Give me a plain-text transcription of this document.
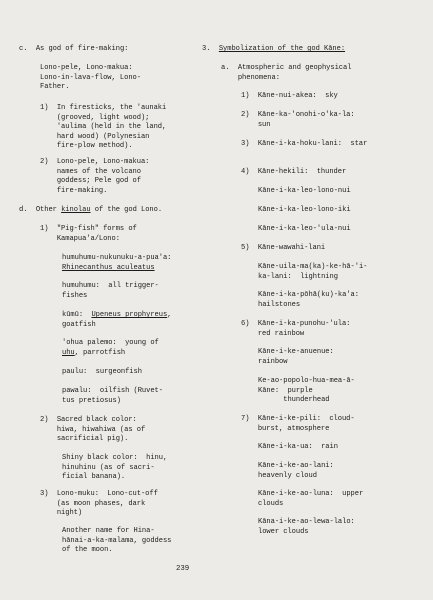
c.  As god of fire-making:
Lono-pele, Lono-makua:
Lono-in-lava-flow, Lono-
Father.
1)  In firesticks, the 'aunaki
(grooved, light wood);
'aulima (held in the land,
hard wood) (Polynesian
fire-plow method).
2)  Lono-pele, Lono-makua:
names of the volcano
goddess; Pele god of
fire-making.
d.  Other kinolau of the god Lono.
1)  "Pig-fish" forms of
Kamapua'a/Lono:
humuhumu-nukunuku-a-pua'a:
Rhinecanthus aculeatus
humuhumu:  all trigger-
fishes
kūmū:  Upeneus prophyreus,
goatfish
'ohua palemo:  young of
uhu, parrotfish
paulu:  surgeonfish
pawalu:  oilfish (Ruvet-
tus pretiosus)
2)  Sacred black color:
hiwa, hiwahiwa (as of
sacrificial pig).
Shiny black color:  hinu,
hinuhinu (as of sacri-
ficial banana).
3)  Lono-muku:  Lono-cut-off
(as moon phases, dark
night)
Another name for Hina-
hānai-a-ka-malama, goddess
of the moon.
3.  Symbolization of the god Kāne:
a.  Atmospheric and geophysical
phenomena:
1)  Kāne-nui-akea:  sky
2)  Kāne-ka-'onohi-o'ka-la:
sun
3)  Kāne-i-ka-hoku-lani:  star
4)  Kāne-hekili:  thunder
Kāne-i-ka-leo-lono-nui
Kāne-i-ka-leo-lono-iki
Kāne-i-ka-leo-'ula-nui
5)  Kāne-wawahi-lani
Kāne-uila-ma(ka)-ke-hā-'i-
ka-lani:  lightning
Kāne-i-ka-pōhā(ku)-ka'a:
hailstones
6)  Kāne-i-ka-punohu-'ula:
red rainbow
Kāne-i-ke-anuenue:
rainbow
Ke-ao-popolo-hua-mea-ā-
Kāne:  purple
thunderhead
7)  Kāne-i-ke-pili:  cloud-
burst, atmosphere
Kāne-i-ka-ua:  rain
Kāne-i-ke-ao-lani:
heavenly cloud
Kāne-i-ke-ao-luna:  upper
clouds
Kāna-i-ke-ao-lewa-lalo:
lower clouds
239
